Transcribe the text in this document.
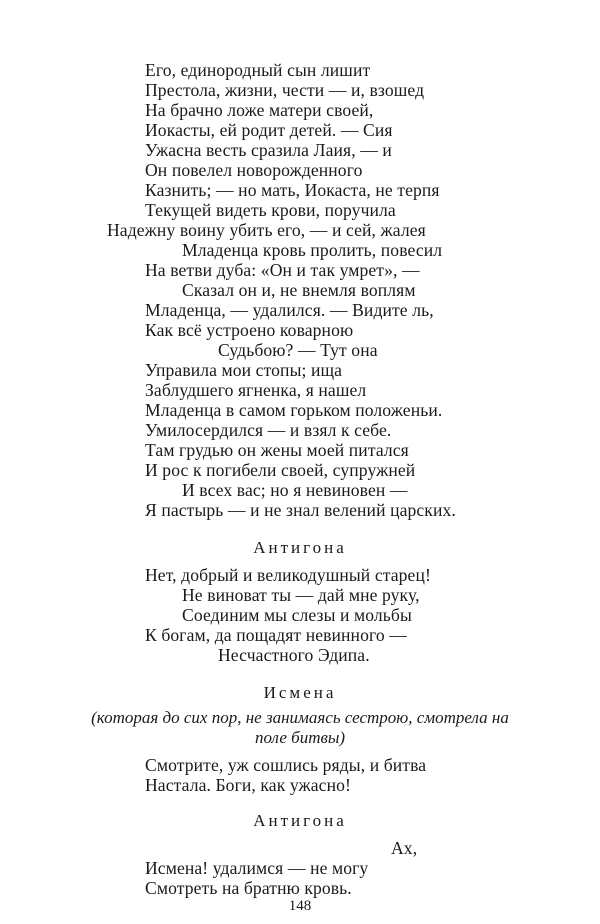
Его, единородный сын лишит
Престола, жизни, чести — и, взошед
На брачно ложе матери своей,
Иокасты, ей родит детей. — Сия
Ужасна весть сразила Лаия, — и
Он повелел новорожденного
Казнить; — но мать, Иокаста, не терпя
Текущей видеть крови, поручила
Надежну воину убить его, — и сей, жалея
Младенца кровь пролить, повесил
На ветви дуба: «Он и так умрет», —
Сказал он и, не внемля воплям
Младенца, — удалился. — Видите ль,
Как всё устроено коварною
Судьбою? — Тут она
Управила мои стопы; ища
Заблудшего ягненка, я нашел
Младенца в самом горьком положеньи.
Умилосердился — и взял к себе.
Там грудью он жены моей питался
И рос к погибели своей, супружней
И всех вас; но я невиновен —
Я пастырь — и не знал велений царских.
Антигона
Нет, добрый и великодушный старец!
Не виноват ты — дай мне руку,
Соединим мы слезы и мольбы
К богам, да пощадят невинного —
Несчастного Эдипа.
Исмена
(которая до сих пор, не занимаясь сестрою, смотрела на
поле битвы)
Смотрите, уж сошлись ряды, и битва
Настала. Боги, как ужасно!
Антигона
Ах,
Исмена! удалимся — не могу
Смотреть на братню кровь.
148
